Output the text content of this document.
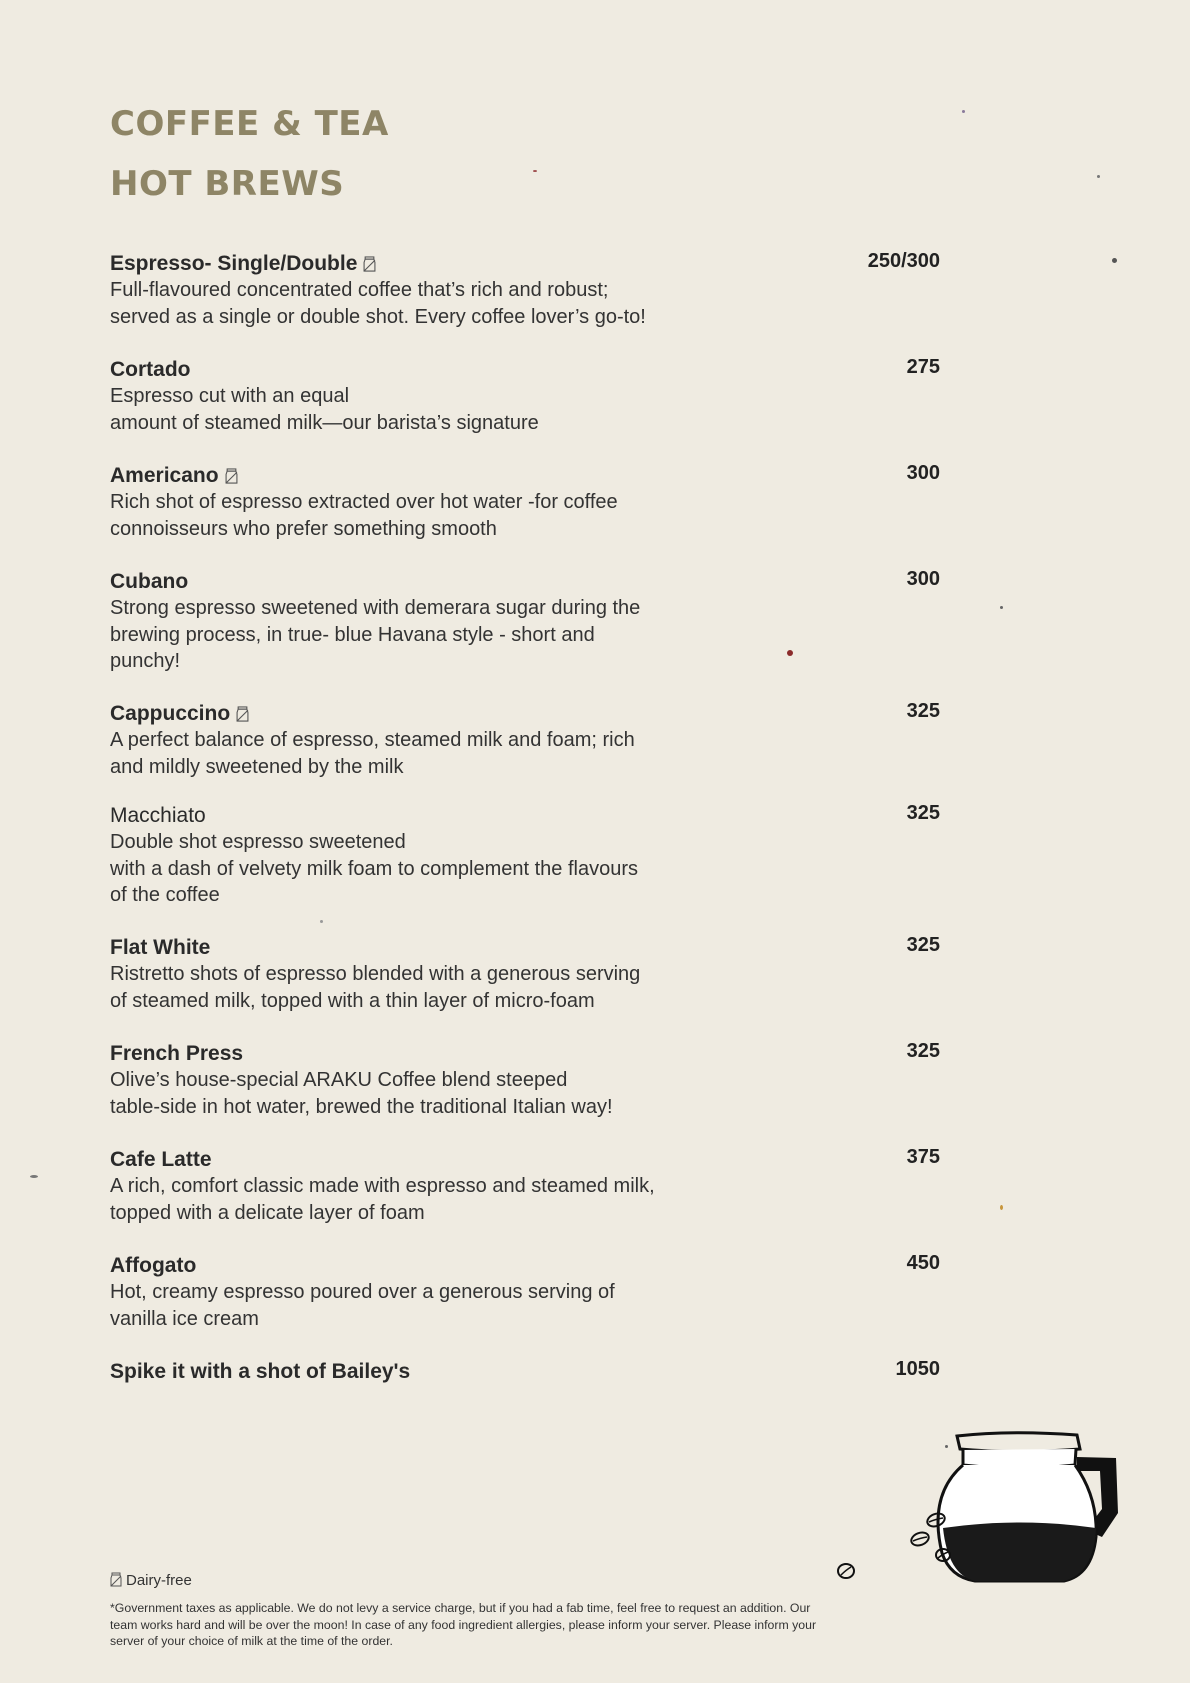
COFFEE & TEA
HOT BREWS
Espresso- Single/Double	250/300
Full-flavoured concentrated coffee that’s rich and robust;
served as a single or double shot. Every coffee lover’s go-to!
Cortado	275
Espresso cut with an equal
amount of steamed milk—our barista’s signature
Americano	300
Rich shot of espresso extracted over hot water -for coffee
connoisseurs who prefer something smooth
Cubano	300
Strong espresso sweetened with demerara sugar during the
brewing process, in true- blue Havana style - short and
punchy!
Cappuccino	325
A perfect balance of espresso, steamed milk and foam; rich
and mildly sweetened by the milk
Macchiato	325
Double shot espresso sweetened
with a dash of velvety milk foam to complement the flavours
of the coffee
Flat White	325
Ristretto shots of espresso blended with a generous serving
of steamed milk, topped with a thin layer of micro-foam
French Press	325
Olive’s house-special ARAKU Coffee blend steeped
table-side in hot water, brewed the traditional Italian way!
Cafe Latte	375
A rich, comfort classic made with espresso and steamed milk,
topped with a delicate layer of foam
Affogato	450
Hot, creamy espresso poured over a generous serving of
vanilla ice cream
Spike it with a shot of Bailey's	1050
Dairy-free
*Government taxes as applicable. We do not levy a service charge, but if you had a fab time, feel free to request an addition. Our team works hard and will be over the moon! In case of any food ingredient allergies, please inform your server. Please inform your server of your choice of milk at the time of the order.
